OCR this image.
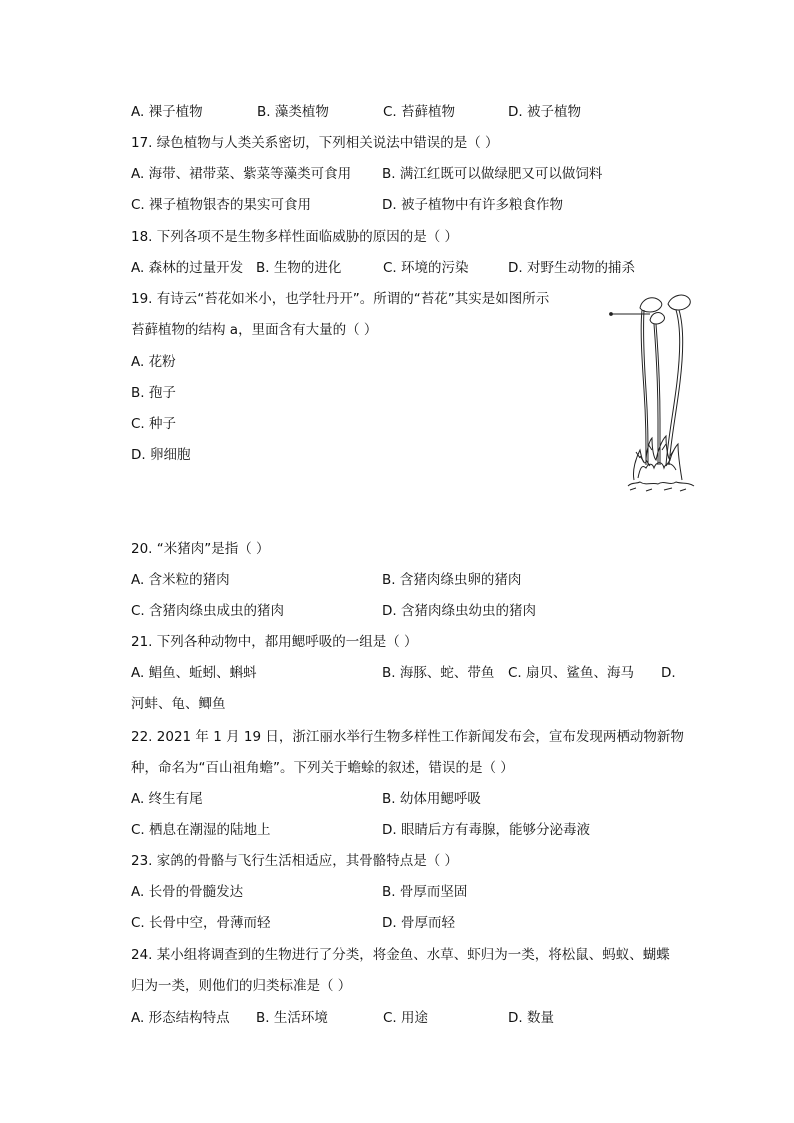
A. 裸子植物	B. 藻类植物	C. 苔藓植物	D. 被子植物
17. 绿色植物与人类关系密切，下列相关说法中错误的是（ ）
A. 海带、裙带菜、紫菜等藻类可食用 B. 满江红既可以做绿肥又可以做饲料
C. 裸子植物银杏的果实可食用	D. 被子植物中有许多粮食作物
18. 下列各项不是生物多样性面临威胁的原因的是（ ）
A. 森林的过量开发 B. 生物的进化	C. 环境的污染	D. 对野生动物的捕杀
19. 有诗云“苔花如米小，也学牡丹开”。所谓的“苔花”其实是如图所示
苔藓植物的结构 a，里面含有大量的（ ）
A. 花粉
B. 孢子
C. 种子
D. 卵细胞
20. “米猪肉”是指（ ）
A. 含米粒的猪肉	B. 含猪肉绦虫卵的猪肉
C. 含猪肉绦虫成虫的猪肉	D. 含猪肉绦虫幼虫的猪肉
21. 下列各种动物中，都用鳃呼吸的一组是（ ）
A. 鲳鱼、蚯蚓、蝌蚪	B. 海豚、蛇、带鱼 C. 扇贝、鲨鱼、海马 D.
河蚌、龟、鲫鱼
22. 2021 年 1 月 19 日，浙江丽水举行生物多样性工作新闻发布会，宣布发现两栖动物新物
种，命名为“百山祖角蟾”。下列关于蟾蜍的叙述，错误的是（ ）
A. 终生有尾	B. 幼体用鳃呼吸
C. 栖息在潮湿的陆地上	D. 眼睛后方有毒腺，能够分泌毒液
23. 家鸽的骨骼与飞行生活相适应，其骨骼特点是（ ）
A. 长骨的骨髓发达	B. 骨厚而坚固
C. 长骨中空，骨薄而轻	D. 骨厚而轻
24. 某小组将调查到的生物进行了分类，将金鱼、水草、虾归为一类，将松鼠、蚂蚁、蝴蝶
归为一类，则他们的归类标准是（ ）
A. 形态结构特点 B. 生活环境	C. 用途	D. 数量
